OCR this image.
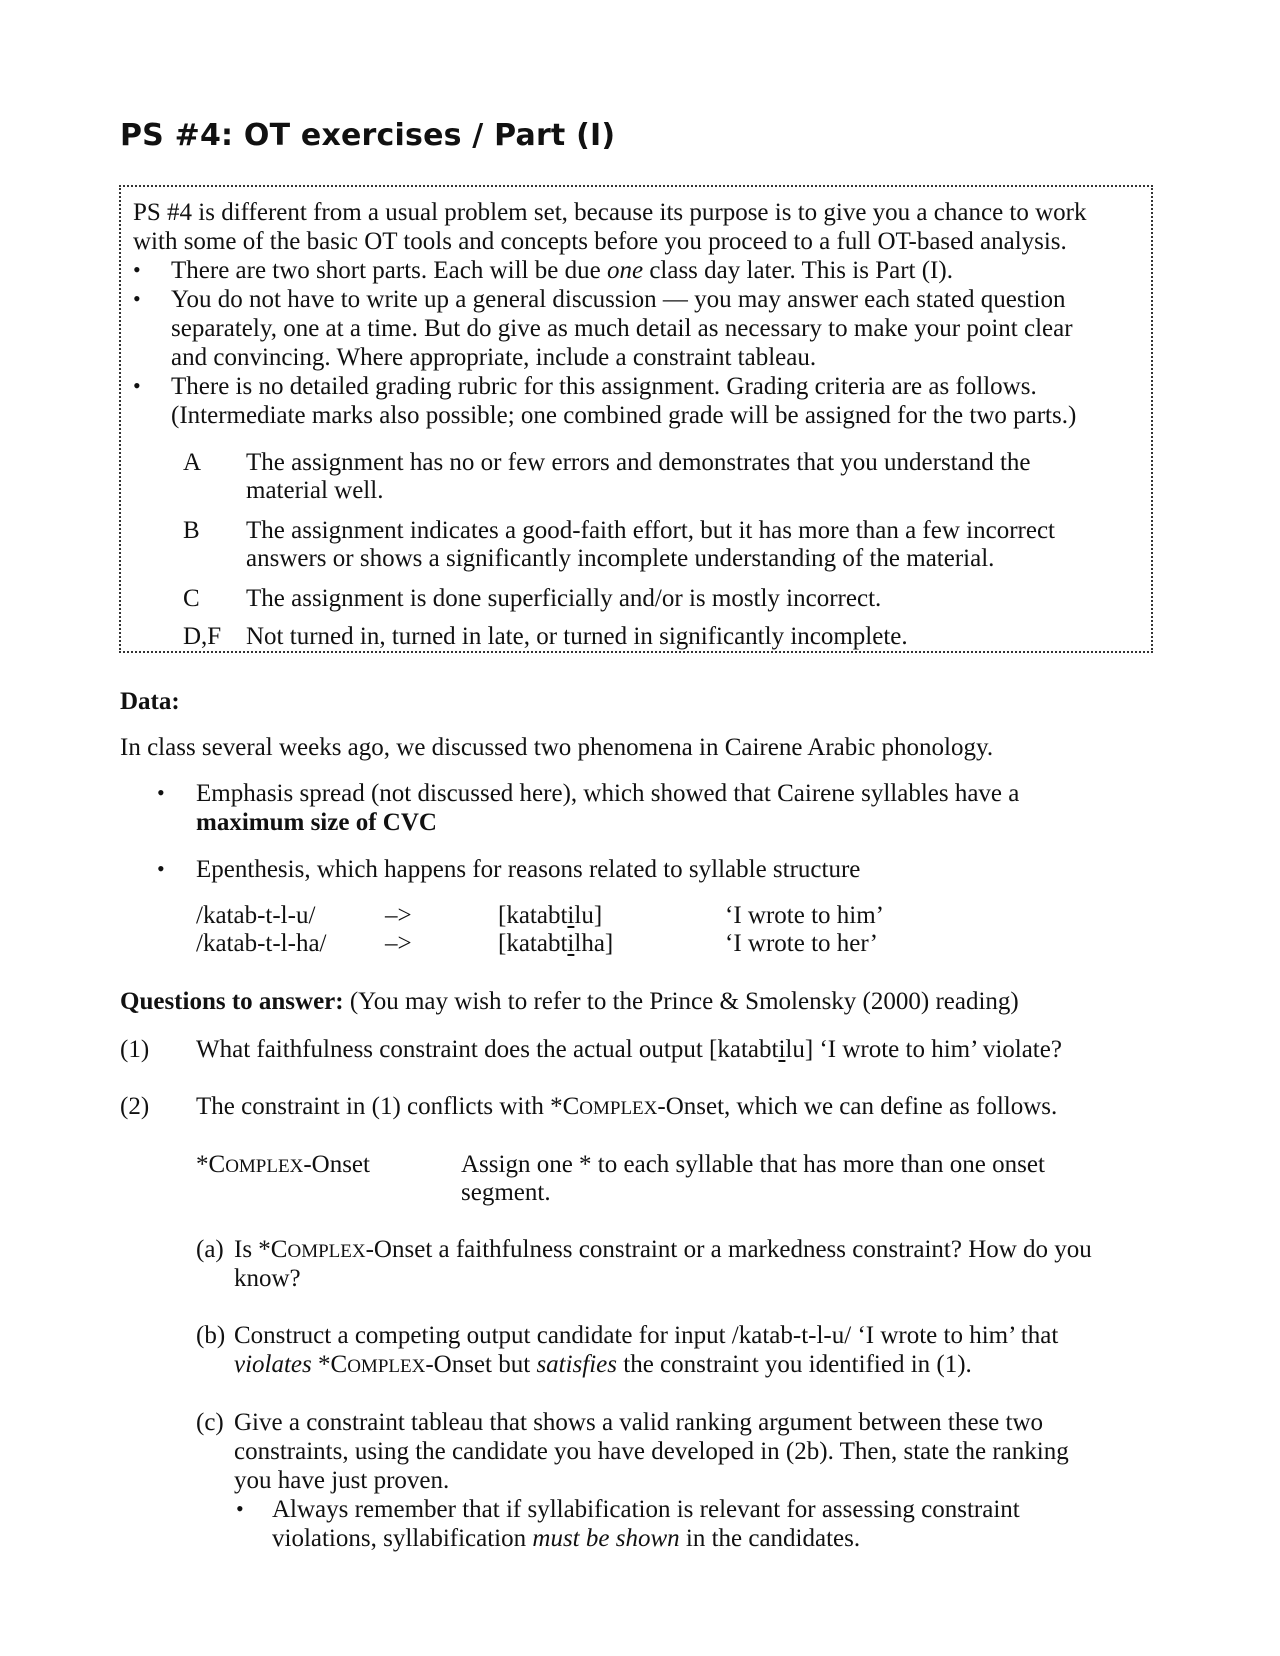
PS #4: OT exercises / Part (I)
PS #4 is different from a usual problem set, because its purpose is to give you a chance to work
with some of the basic OT tools and concepts before you proceed to a full OT-based analysis.
• There are two short parts. Each will be due one class day later. This is Part (I).
• You do not have to write up a general discussion — you may answer each stated question
separately, one at a time. But do give as much detail as necessary to make your point clear
and convincing. Where appropriate, include a constraint tableau.
• There is no detailed grading rubric for this assignment. Grading criteria are as follows.
(Intermediate marks also possible; one combined grade will be assigned for the two parts.)
A The assignment has no or few errors and demonstrates that you understand the
material well.
B The assignment indicates a good-faith effort, but it has more than a few incorrect
answers or shows a significantly incomplete understanding of the material.
C The assignment is done superficially and/or is mostly incorrect.
D,F Not turned in, turned in late, or turned in significantly incomplete.
Data:
In class several weeks ago, we discussed two phenomena in Cairene Arabic phonology.
• Emphasis spread (not discussed here), which showed that Cairene syllables have a
maximum size of CVC
• Epenthesis, which happens for reasons related to syllable structure
/katab-t-l-u/	–>	[katabtilu]	‘I wrote to him’
/katab-t-l-ha/ –>	[katabtilha]	‘I wrote to her’
Questions to answer: (You may wish to refer to the Prince & Smolensky (2000) reading)
(1) What faithfulness constraint does the actual output [katabtilu] ‘I wrote to him’ violate?
(2) The constraint in (1) conflicts with *COMPLEX-Onset, which we can define as follows.
*COMPLEX-Onset	Assign one * to each syllable that has more than one onset
segment.
(a) Is *COMPLEX-Onset a faithfulness constraint or a markedness constraint? How do you
know?
(b) Construct a competing output candidate for input /katab-t-l-u/ ‘I wrote to him’ that
violates *COMPLEX-Onset but satisfies the constraint you identified in (1).
(c) Give a constraint tableau that shows a valid ranking argument between these two
constraints, using the candidate you have developed in (2b). Then, state the ranking
you have just proven.
• Always remember that if syllabification is relevant for assessing constraint
violations, syllabification must be shown in the candidates.
